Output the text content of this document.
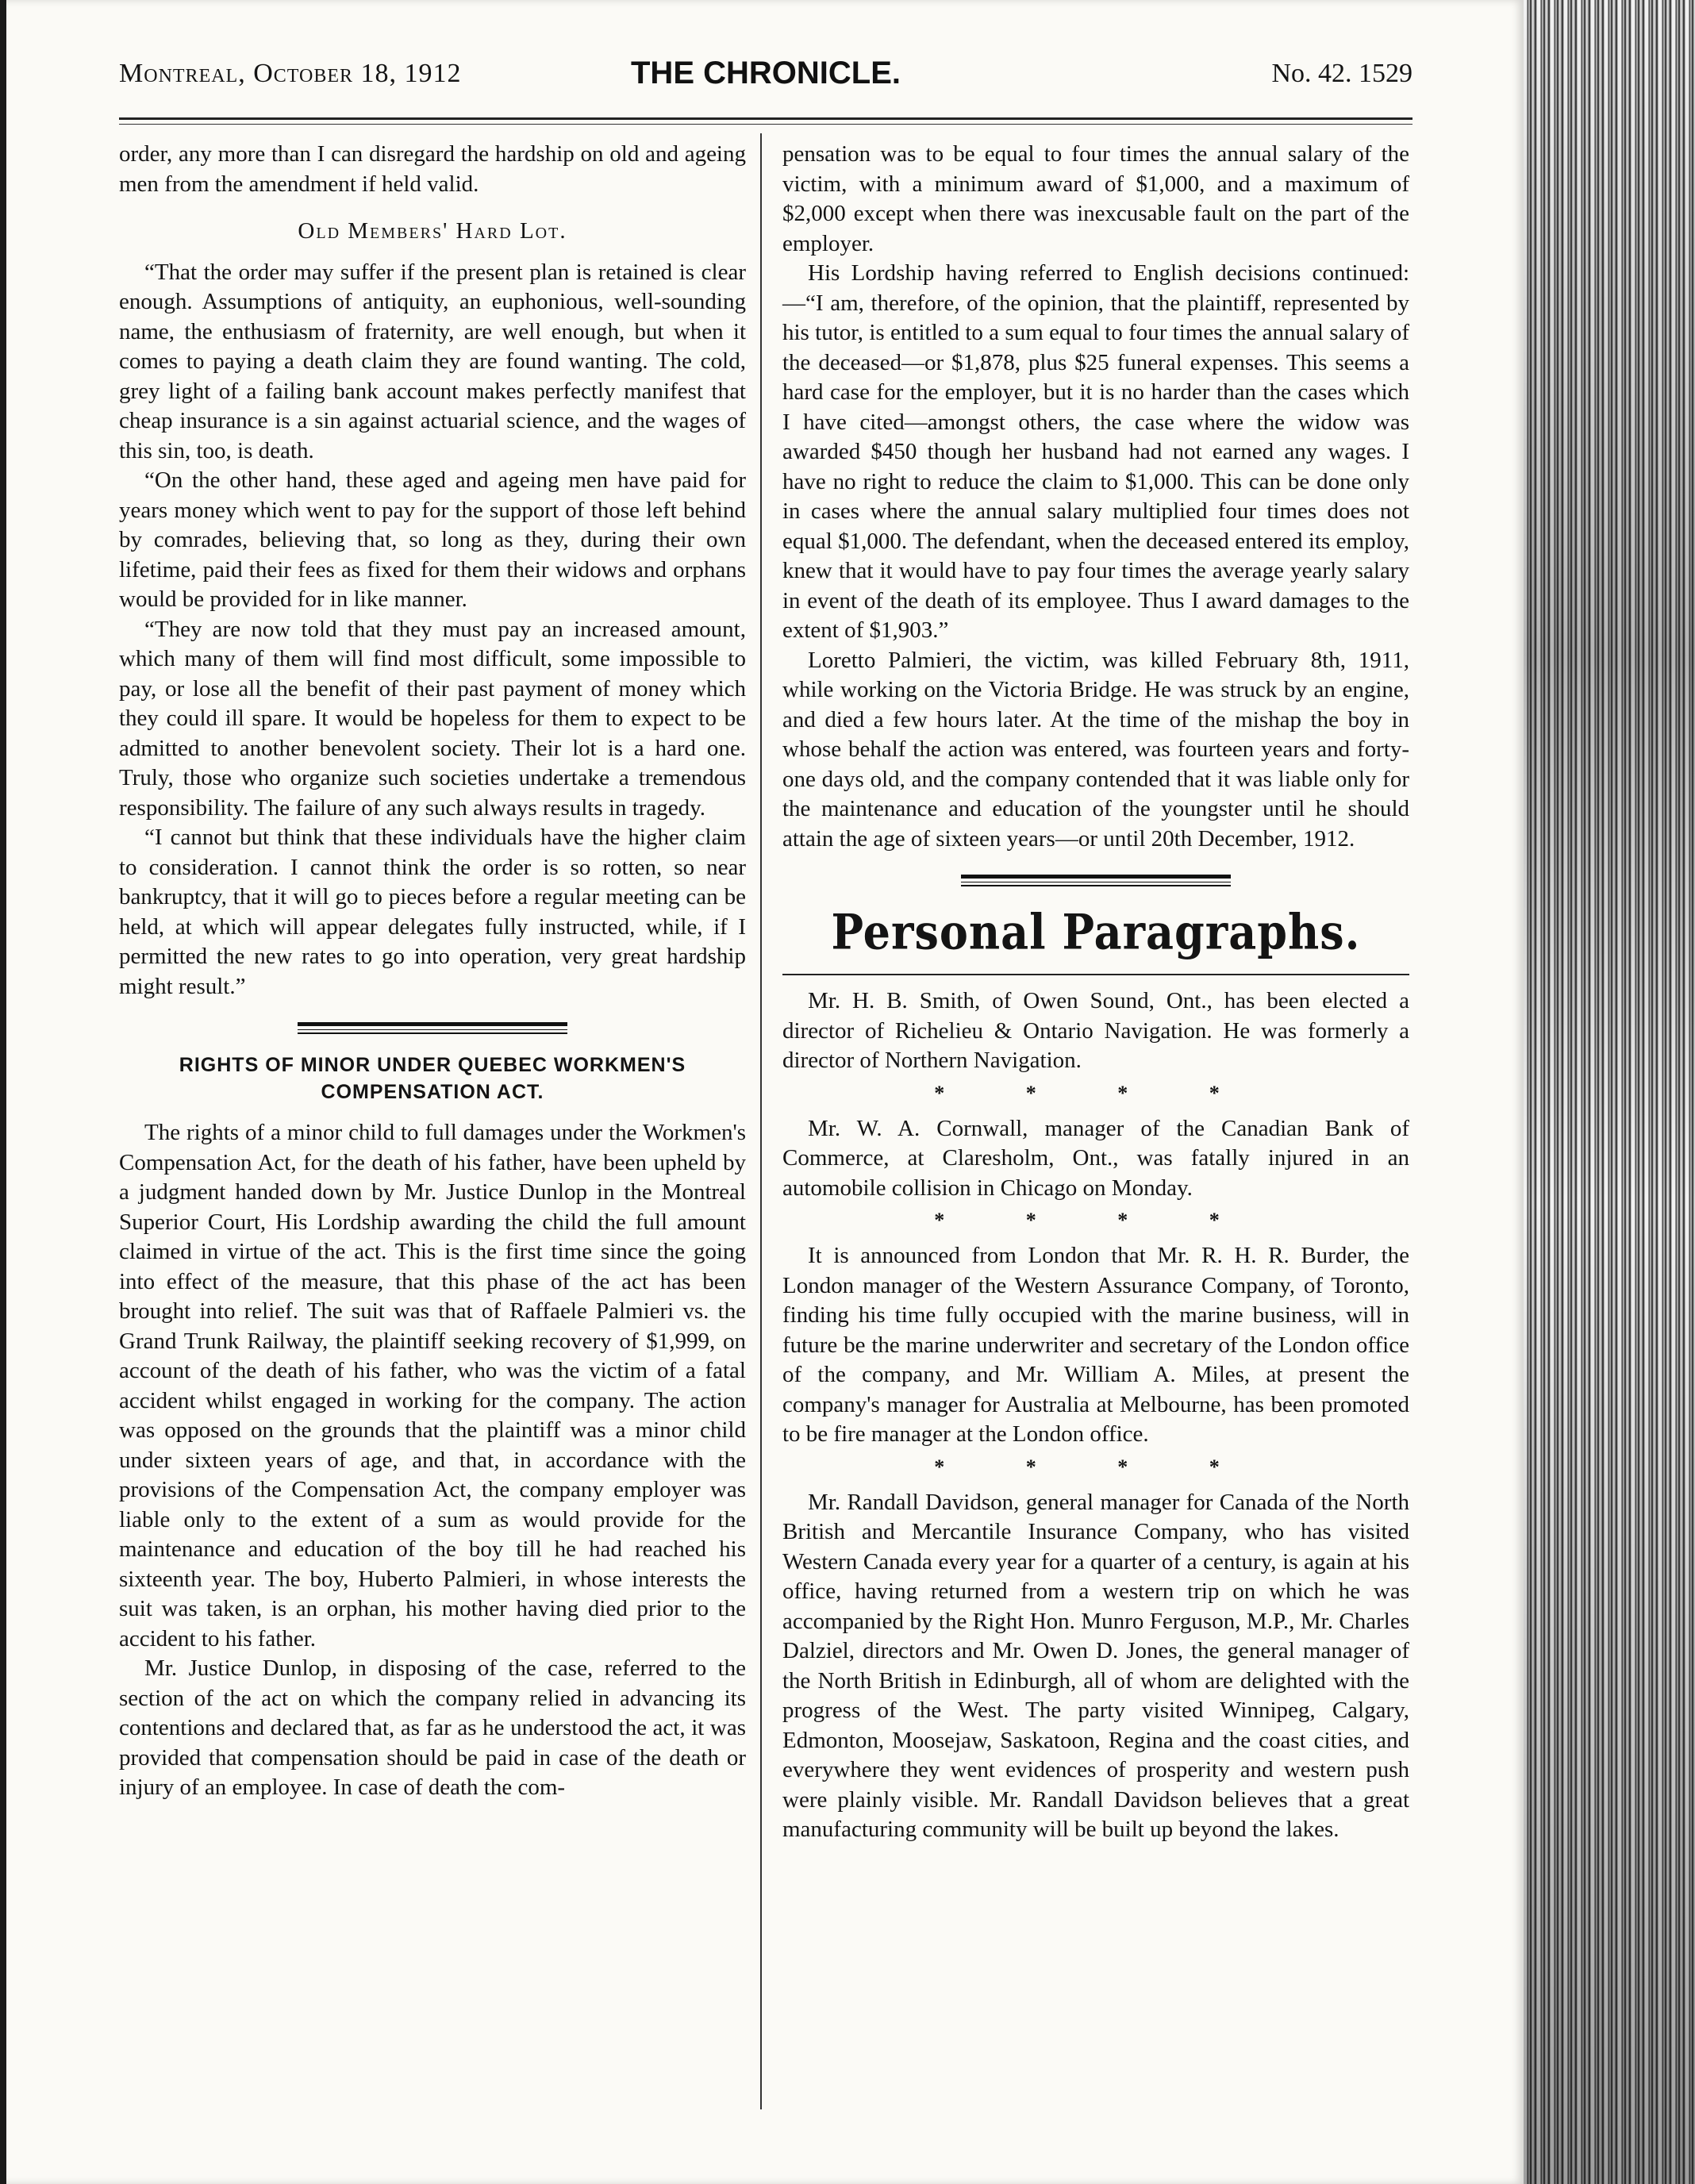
Montreal, October 18, 1912	THE CHRONICLE.	No. 42. 1529

order, any more than I can disregard the hardship on old and ageing men from the amendment if held valid.

Old Members' Hard Lot.

“That the order may suffer if the present plan is retained is clear enough. Assumptions of antiquity, an euphonious, well-sounding name, the enthusiasm of fraternity, are well enough, but when it comes to paying a death claim they are found wanting. The cold, grey light of a failing bank account makes perfectly manifest that cheap insurance is a sin against actuarial science, and the wages of this sin, too, is death.

“On the other hand, these aged and ageing men have paid for years money which went to pay for the support of those left behind by comrades, believing that, so long as they, during their own lifetime, paid their fees as fixed for them their widows and orphans would be provided for in like manner.

“They are now told that they must pay an increased amount, which many of them will find most difficult, some impossible to pay, or lose all the benefit of their past payment of money which they could ill spare. It would be hopeless for them to expect to be admitted to another benevolent society. Their lot is a hard one. Truly, those who organize such societies undertake a tremendous responsibility. The failure of any such always results in tragedy.

“I cannot but think that these individuals have the higher claim to consideration. I cannot think the order is so rotten, so near bankruptcy, that it will go to pieces before a regular meeting can be held, at which will appear delegates fully instructed, while, if I permitted the new rates to go into operation, very great hardship might result.”

RIGHTS OF MINOR UNDER QUEBEC WORKMEN'S COMPENSATION ACT.

The rights of a minor child to full damages under the Workmen's Compensation Act, for the death of his father, have been upheld by a judgment handed down by Mr. Justice Dunlop in the Montreal Superior Court, His Lordship awarding the child the full amount claimed in virtue of the act. This is the first time since the going into effect of the measure, that this phase of the act has been brought into relief. The suit was that of Raffaele Palmieri vs. the Grand Trunk Railway, the plaintiff seeking recovery of $1,999, on account of the death of his father, who was the victim of a fatal accident whilst engaged in working for the company. The action was opposed on the grounds that the plaintiff was a minor child under sixteen years of age, and that, in accordance with the provisions of the Compensation Act, the company employer was liable only to the extent of a sum as would provide for the maintenance and education of the boy till he had reached his sixteenth year. The boy, Huberto Palmieri, in whose interests the suit was taken, is an orphan, his mother having died prior to the accident to his father.

Mr. Justice Dunlop, in disposing of the case, referred to the section of the act on which the company relied in advancing its contentions and declared that, as far as he understood the act, it was provided that compensation should be paid in case of the death or injury of an employee. In case of death the com-

pensation was to be equal to four times the annual salary of the victim, with a minimum award of $1,000, and a maximum of $2,000 except when there was inexcusable fault on the part of the employer.

His Lordship having referred to English decisions continued:—“I am, therefore, of the opinion, that the plaintiff, represented by his tutor, is entitled to a sum equal to four times the annual salary of the deceased—or $1,878, plus $25 funeral expenses. This seems a hard case for the employer, but it is no harder than the cases which I have cited—amongst others, the case where the widow was awarded $450 though her husband had not earned any wages. I have no right to reduce the claim to $1,000. This can be done only in cases where the annual salary multiplied four times does not equal $1,000. The defendant, when the deceased entered its employ, knew that it would have to pay four times the average yearly salary in event of the death of its employee. Thus I award damages to the extent of $1,903.”

Loretto Palmieri, the victim, was killed February 8th, 1911, while working on the Victoria Bridge. He was struck by an engine, and died a few hours later. At the time of the mishap the boy in whose behalf the action was entered, was fourteen years and forty-one days old, and the company contended that it was liable only for the maintenance and education of the youngster until he should attain the age of sixteen years—or until 20th December, 1912.

Personal Paragraphs.

Mr. H. B. Smith, of Owen Sound, Ont., has been elected a director of Richelieu & Ontario Navigation. He was formerly a director of Northern Navigation.

* * * *

Mr. W. A. Cornwall, manager of the Canadian Bank of Commerce, at Claresholm, Ont., was fatally injured in an automobile collision in Chicago on Monday.

* * * *

It is announced from London that Mr. R. H. R. Burder, the London manager of the Western Assurance Company, of Toronto, finding his time fully occupied with the marine business, will in future be the marine underwriter and secretary of the London office of the company, and Mr. William A. Miles, at present the company's manager for Australia at Melbourne, has been promoted to be fire manager at the London office.

* * * *

Mr. Randall Davidson, general manager for Canada of the North British and Mercantile Insurance Company, who has visited Western Canada every year for a quarter of a century, is again at his office, having returned from a western trip on which he was accompanied by the Right Hon. Munro Ferguson, M.P., Mr. Charles Dalziel, directors and Mr. Owen D. Jones, the general manager of the North British in Edinburgh, all of whom are delighted with the progress of the West. The party visited Winnipeg, Calgary, Edmonton, Moosejaw, Saskatoon, Regina and the coast cities, and everywhere they went evidences of prosperity and western push were plainly visible. Mr. Randall Davidson believes that a great manufacturing community will be built up beyond the lakes.
